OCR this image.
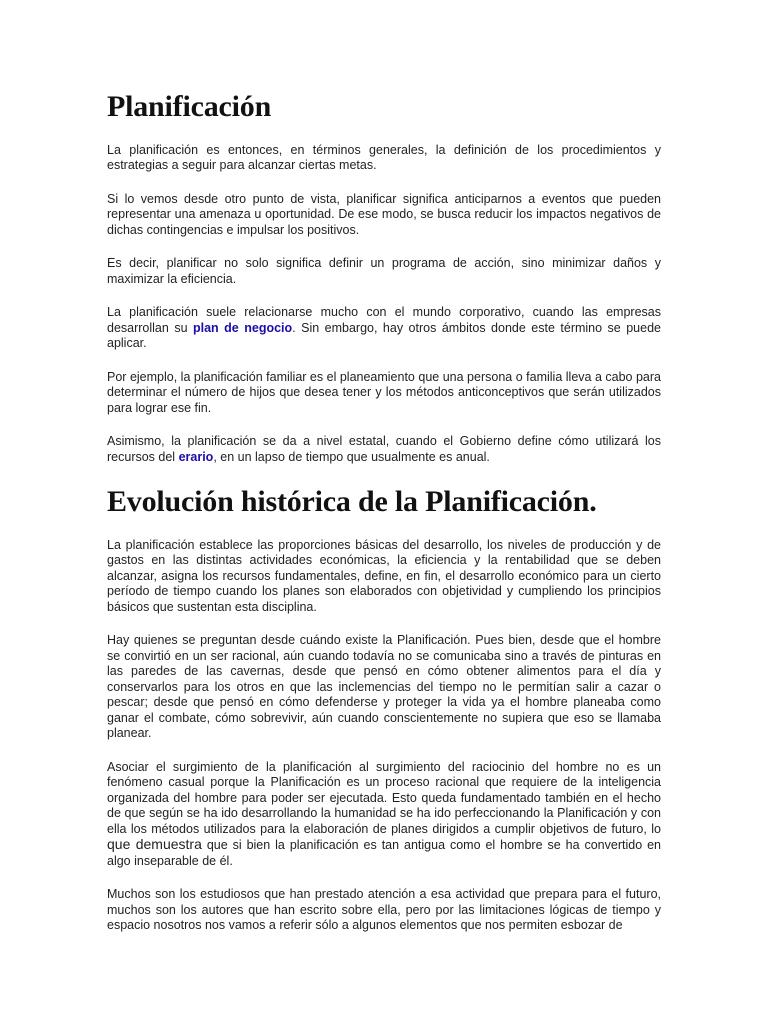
Planificación

La planificación es entonces, en términos generales, la definición de los procedimientos y estrategias a seguir para alcanzar ciertas metas.

Si lo vemos desde otro punto de vista, planificar significa anticiparnos a eventos que pueden representar una amenaza u oportunidad. De ese modo, se busca reducir los impactos negativos de dichas contingencias e impulsar los positivos.

Es decir, planificar no solo significa definir un programa de acción, sino minimizar daños y maximizar la eficiencia.

La planificación suele relacionarse mucho con el mundo corporativo, cuando las empresas desarrollan su plan de negocio. Sin embargo, hay otros ámbitos donde este término se puede aplicar.

Por ejemplo, la planificación familiar es el planeamiento que una persona o familia lleva a cabo para determinar el número de hijos que desea tener y los métodos anticonceptivos que serán utilizados para lograr ese fin.

Asimismo, la planificación se da a nivel estatal, cuando el Gobierno define cómo utilizará los recursos del erario, en un lapso de tiempo que usualmente es anual.

Evolución histórica de la Planificación.

La planificación establece las proporciones básicas del desarrollo, los niveles de producción y de gastos en las distintas actividades económicas, la eficiencia y la rentabilidad que se deben alcanzar, asigna los recursos fundamentales, define, en fin, el desarrollo económico para un cierto período de tiempo cuando los planes son elaborados con objetividad y cumpliendo los principios básicos que sustentan esta disciplina.

Hay quienes se preguntan desde cuándo existe la Planificación. Pues bien, desde que el hombre se convirtió en un ser racional, aún cuando todavía no se comunicaba sino a través de pinturas en las paredes de las cavernas, desde que pensó en cómo obtener alimentos para el día y conservarlos para los otros en que las inclemencias del tiempo no le permitían salir a cazar o pescar; desde que pensó en cómo defenderse y proteger la vida ya el hombre planeaba como ganar el combate, cómo sobrevivir, aún cuando conscientemente no supiera que eso se llamaba planear.

Asociar el surgimiento de la planificación al surgimiento del raciocinio del hombre no es un fenómeno casual porque la Planificación es un proceso racional que requiere de la inteligencia organizada del hombre para poder ser ejecutada. Esto queda fundamentado también en el hecho de que según se ha ido desarrollando la humanidad se ha ido perfeccionando la Planificación y con ella los métodos utilizados para la elaboración de planes dirigidos a cumplir objetivos de futuro, lo que demuestra que si bien la planificación es tan antigua como el hombre se ha convertido en algo inseparable de él.

Muchos son los estudiosos que han prestado atención a esa actividad que prepara para el futuro, muchos son los autores que han escrito sobre ella, pero por las limitaciones lógicas de tiempo y espacio nosotros nos vamos a referir sólo a algunos elementos que nos permiten esbozar de
